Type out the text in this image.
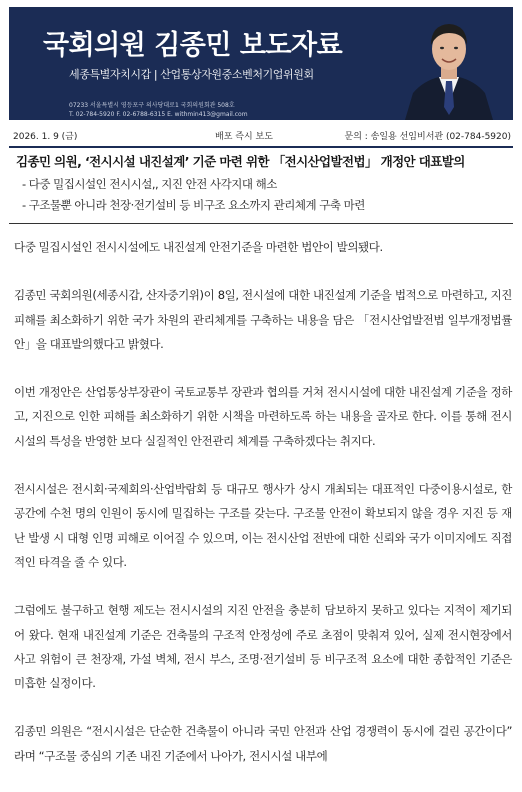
국회의원 김종민 보도자료
세종특별자치시갑 | 산업통상자원중소벤처기업위원회
07233 서울특별시 영등포구 의사당대로1 국회의원회관 508호
T. 02-784-5920 F. 02-6788-6315 E. withmin413@gmail.com
2026. 1. 9 (금)	배포 즉시 보도	문의 : 송일용 선임비서관 (02-784-5920)
김종민 의원, ‘전시시설 내진설계’ 기준 마련 위한 「전시산업발전법」 개정안 대표발의
- 다중 밀집시설인 전시시설,, 지진 안전 사각지대 해소
- 구조물뿐 아니라 천장·전기설비 등 비구조 요소까지 관리체계 구축 마련

다중 밀집시설인 전시시설에도 내진설계 안전기준을 마련한 법안이 발의됐다.

김종민 국회의원(세종시갑, 산자중기위)이 8일, 전시설에 대한 내진설계 기준을 법적으로 마련하고, 지진 피해를 최소화하기 위한 국가 차원의 관리체계를 구축하는 내용을 담은 「전시산업발전법 일부개정법률안」을 대표발의했다고 밝혔다.

이번 개정안은 산업통상부장관이 국토교통부 장관과 협의를 거쳐 전시시설에 대한 내진설계 기준을 정하고, 지진으로 인한 피해를 최소화하기 위한 시책을 마련하도록 하는 내용을 골자로 한다. 이를 통해 전시시설의 특성을 반영한 보다 실질적인 안전관리 체계를 구축하겠다는 취지다.

전시시설은 전시회·국제회의·산업박람회 등 대규모 행사가 상시 개최되는 대표적인 다중이용시설로, 한 공간에 수천 명의 인원이 동시에 밀집하는 구조를 갖는다. 구조물 안전이 확보되지 않을 경우 지진 등 재난 발생 시 대형 인명 피해로 이어질 수 있으며, 이는 전시산업 전반에 대한 신뢰와 국가 이미지에도 직접적인 타격을 줄 수 있다.

그럼에도 불구하고 현행 제도는 전시시설의 지진 안전을 충분히 담보하지 못하고 있다는 지적이 제기되어 왔다. 현재 내진설계 기준은 건축물의 구조적 안정성에 주로 초점이 맞춰져 있어, 실제 전시현장에서 사고 위험이 큰 천장재, 가설 벽체, 전시 부스, 조명·전기설비 등 비구조적 요소에 대한 종합적인 기준은 미흡한 실정이다.

김종민 의원은 “전시시설은 단순한 건축물이 아니라 국민 안전과 산업 경쟁력이 동시에 걸린 공간이다” 라며 “구조물 중심의 기존 내진 기준에서 나아가, 전시시설 내부에
